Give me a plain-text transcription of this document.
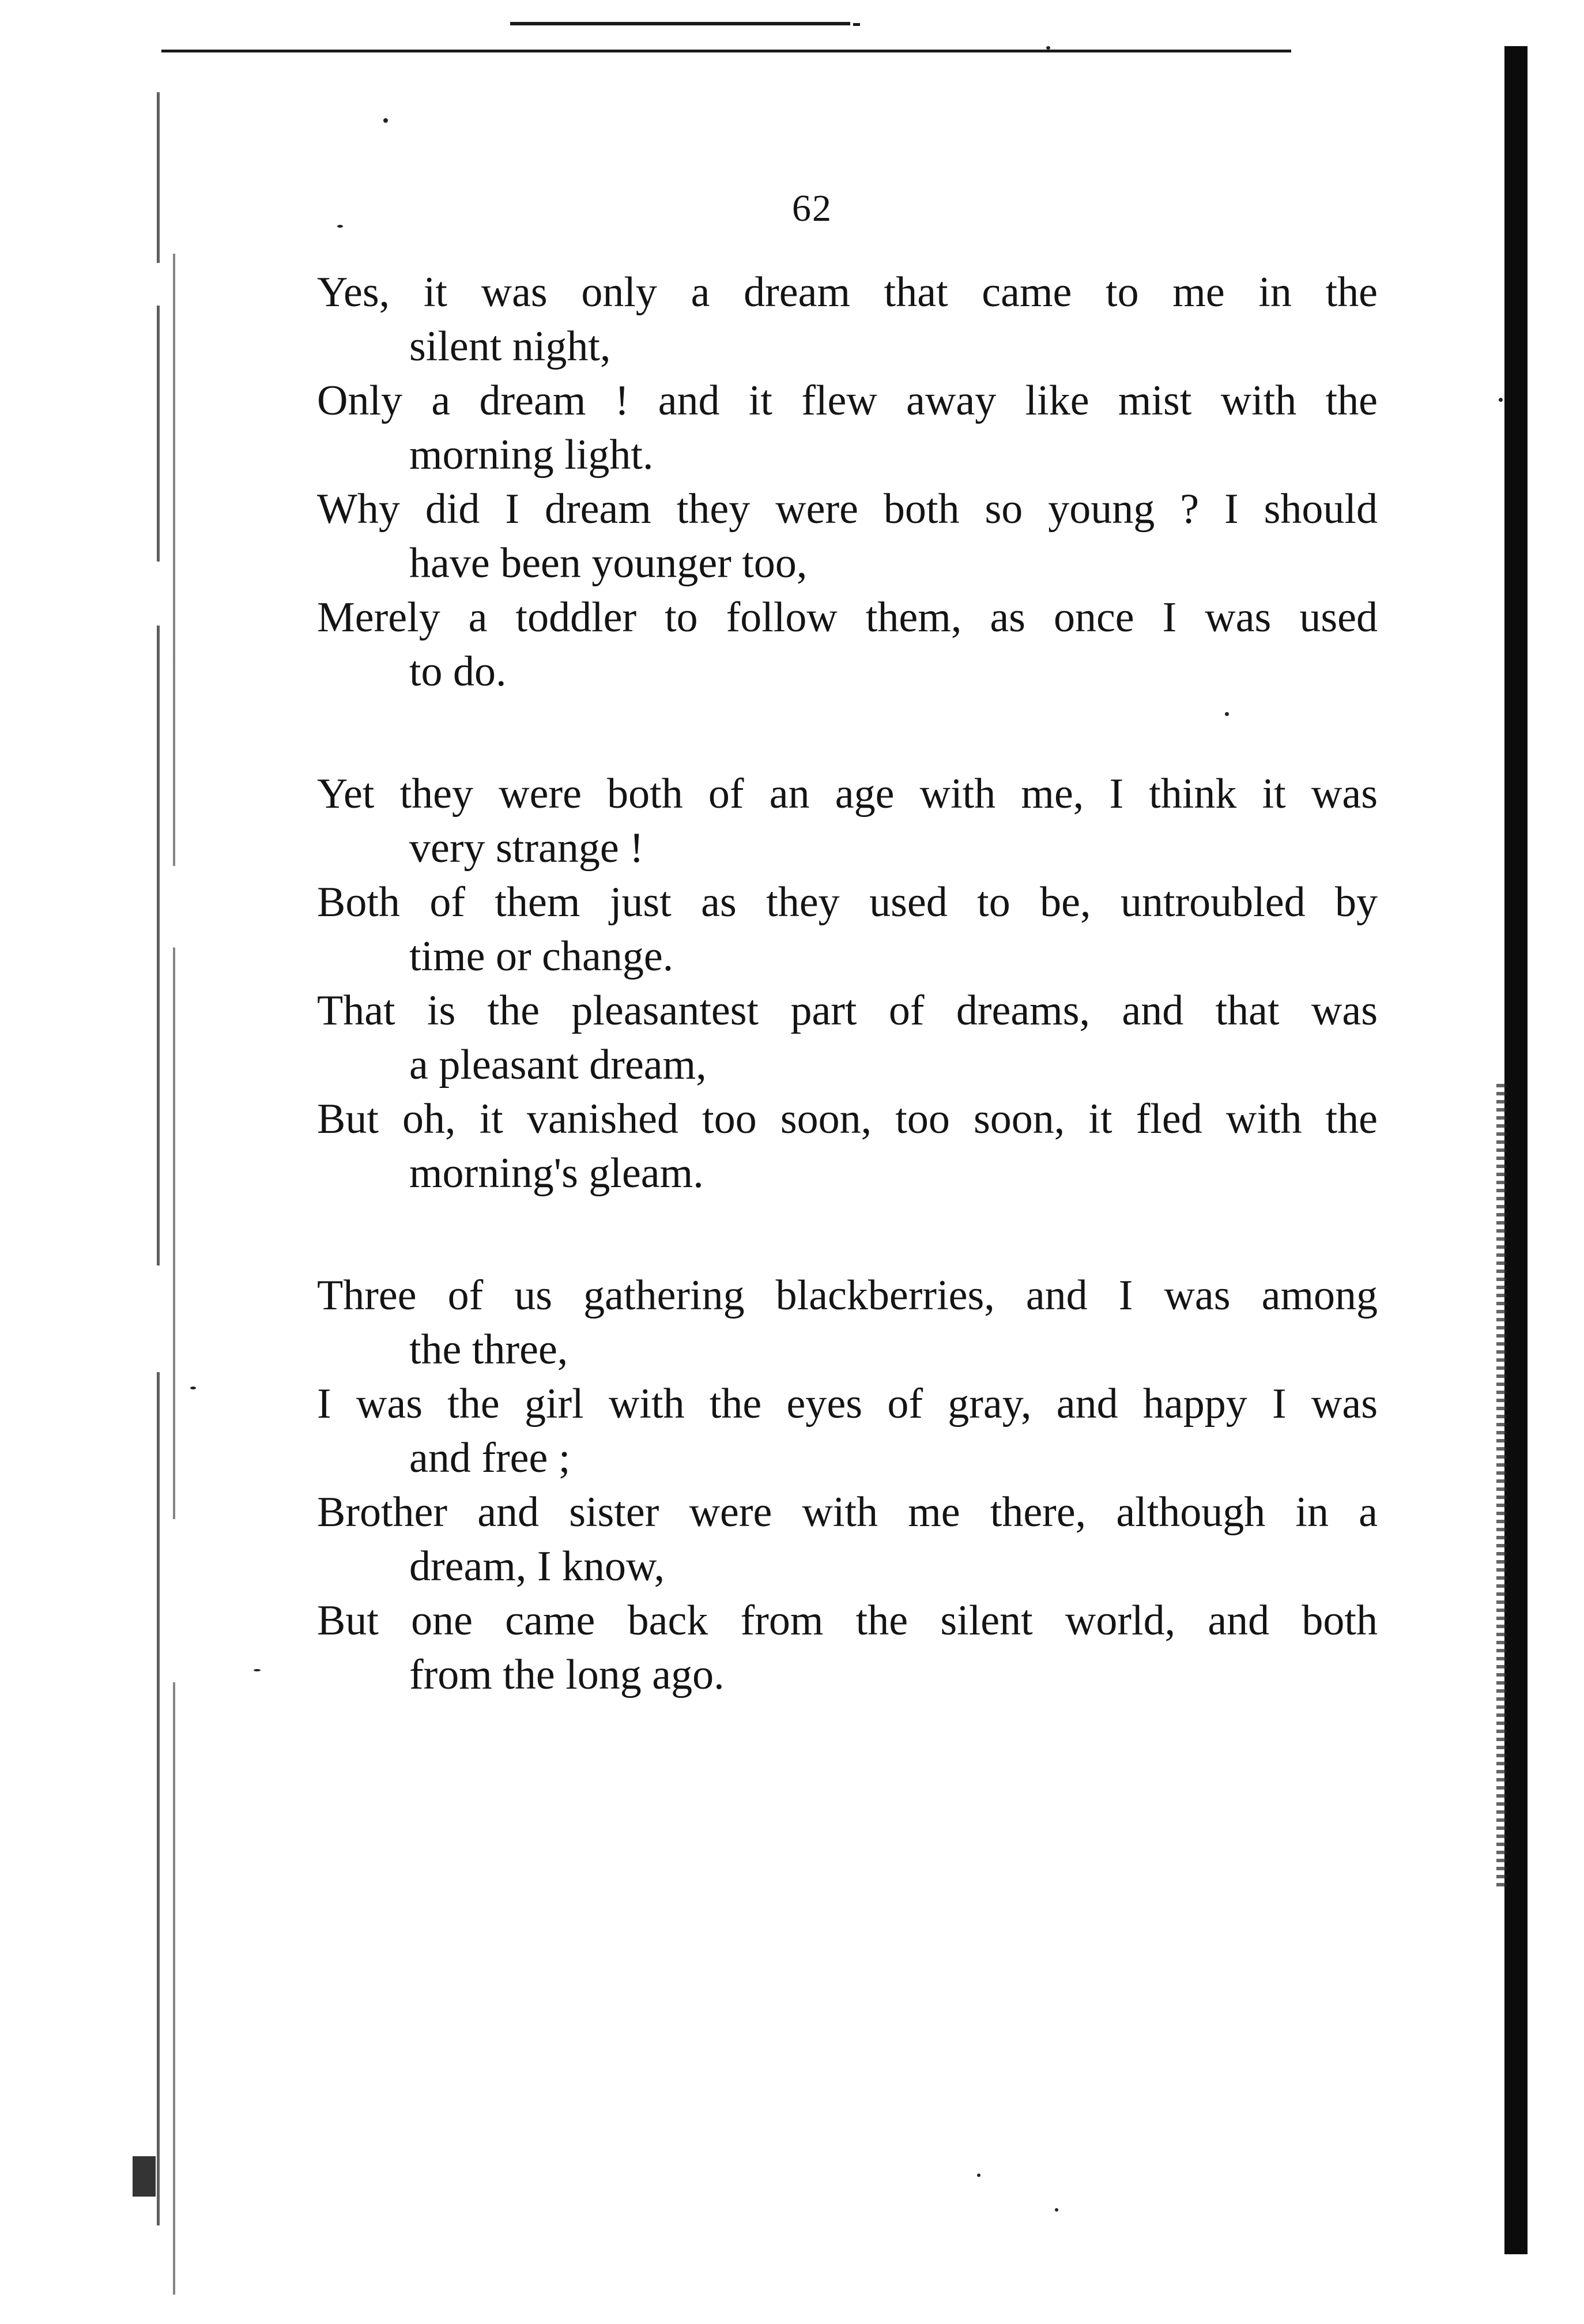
62
Yes, it was only a dream that came to me in the
silent night,
Only a dream ! and it flew away like mist with the
morning light.
Why did I dream they were both so young ? I should
have been younger too,
Merely a toddler to follow them, as once I was used
to do.
Yet they were both of an age with me, I think it was
very strange !
Both of them just as they used to be, untroubled by
time or change.
That is the pleasantest part of dreams, and that was
a pleasant dream,
But oh, it vanished too soon, too soon, it fled with the
morning's gleam.
Three of us gathering blackberries, and I was among
the three,
I was the girl with the eyes of gray, and happy I was
and free ;
Brother and sister were with me there, although in a
dream, I know,
But one came back from the silent world, and both
from the long ago.
